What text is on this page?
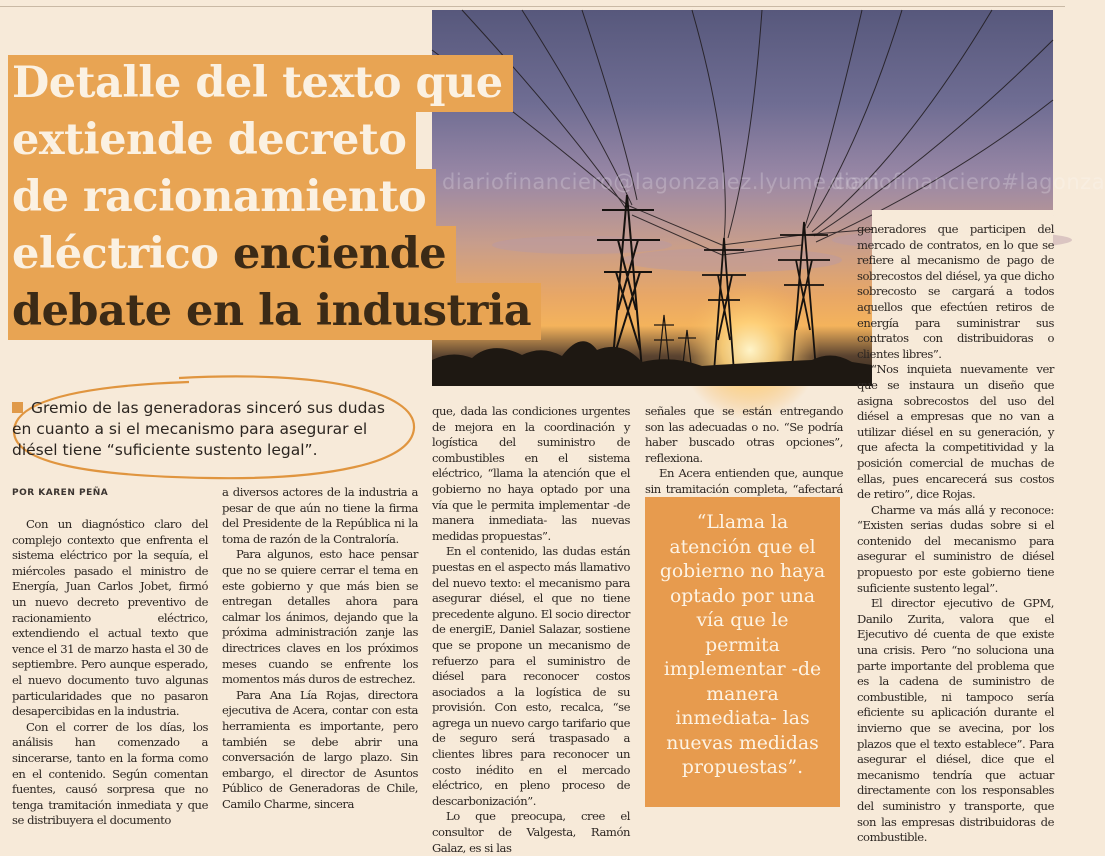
diariofinanciero@lagonzalez.lyume.com
diariofinanciero#lagonza
Detalle del texto que
extiende decreto
de racionamiento
eléctrico enciende
debate en la industria
Gremio de las generadoras sinceró sus dudas en cuanto a si el mecanismo para asegurar el diésel tiene “suficiente sustento legal”.
POR KAREN PEÑA

Con un diagnóstico claro del complejo contexto que enfrenta el sistema eléctrico por la sequía, el miércoles pasado el ministro de Energía, Juan Carlos Jobet, firmó un nuevo decreto preventivo de racionamiento eléctrico, extendiendo el actual texto que vence el 31 de marzo hasta el 30 de septiembre. Pero aunque esperado, el nuevo documento tuvo algunas particularidades que no pasaron desapercibidas en la industria.

Con el correr de los días, los análisis han comenzado a sincerarse, tanto en la forma como en el contenido. Según comentan fuentes, causó sorpresa que no tenga tramitación inmediata y que se distribuyera el documento

a diversos actores de la industria a pesar de que aún no tiene la firma del Presidente de la República ni la toma de razón de la Contraloría.

Para algunos, esto hace pensar que no se quiere cerrar el tema en este gobierno y que más bien se entregan detalles ahora para calmar los ánimos, dejando que la próxima administración zanje las directrices claves en los próximos meses cuando se enfrente los momentos más duros de estrechez.

Para Ana Lía Rojas, directora ejecutiva de Acera, contar con esta herramienta es importante, pero también se debe abrir una conversación de largo plazo. Sin embargo, el director de Asuntos Público de Generadoras de Chile, Camilo Charme, sincera

que, dada las condiciones urgentes de mejora en la coordinación y logística del suministro de combustibles en el sistema eléctrico, “llama la atención que el gobierno no haya optado por una vía que le permita implementar -de manera inmediata- las nuevas medidas propuestas”.

En el contenido, las dudas están puestas en el aspecto más llamativo del nuevo texto: el mecanismo para asegurar diésel, el que no tiene precedente alguno. El socio director de energiE, Daniel Salazar, sostiene que se propone un mecanismo de refuerzo para el suministro de diésel para reconocer costos asociados a la logística de su provisión. Con esto, recalca, “se agrega un nuevo cargo tarifario que de seguro será traspasado a clientes libres para reconocer un costo inédito en el mercado eléctrico, en pleno proceso de descarbonización”.

Lo que preocupa, cree el consultor de Valgesta, Ramón Galaz, es si las

señales que se están entregando son las adecuadas o no. “Se podría haber buscado otras opciones”, reflexiona.

En Acera entienden que, aunque sin tramitación completa, “afectará

“Llama la atención que el gobierno no haya optado por una vía que le permita implementar -de manera inmediata- las nuevas medidas propuestas”.

generadores que participen del mercado de contratos, en lo que se refiere al mecanismo de pago de sobrecostos del diésel, ya que dicho sobrecosto se cargará a todos aquellos que efectúen retiros de energía para suministrar sus contratos con distribuidoras o clientes libres”.

“Nos inquieta nuevamente ver que se instaura un diseño que asigna sobrecostos del uso del diésel a empresas que no van a utilizar diésel en su generación, y que afecta la competitividad y la posición comercial de muchas de ellas, pues encarecerá sus costos de retiro”, dice Rojas.

Charme va más allá y reconoce: “Existen serias dudas sobre si el contenido del mecanismo para asegurar el suministro de diésel propuesto por este gobierno tiene suficiente sustento legal”.

El director ejecutivo de GPM, Danilo Zurita, valora que el Ejecutivo dé cuenta de que existe una crisis. Pero “no soluciona una parte importante del problema que es la cadena de suministro de combustible, ni tampoco sería eficiente su aplicación durante el invierno que se avecina, por los plazos que el texto establece”. Para asegurar el diésel, dice que el mecanismo tendría que actuar directamente con los responsables del suministro y transporte, que son las empresas distribuidoras de combustible.
